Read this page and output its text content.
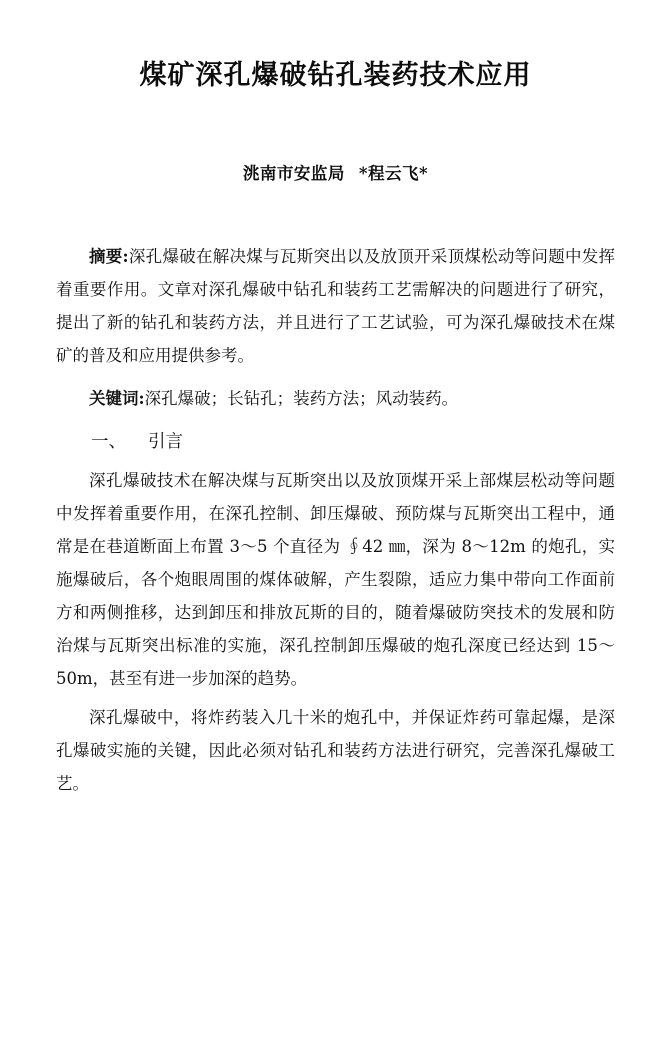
煤矿深孔爆破钻孔装药技术应用
洮南市安监局 *程云飞*

摘要:深孔爆破在解决煤与瓦斯突出以及放顶开采顶煤松动等问题中发挥着重要作用。文章对深孔爆破中钻孔和装药工艺需解决的问题进行了研究，提出了新的钻孔和装药方法，并且进行了工艺试验，可为深孔爆破技术在煤矿的普及和应用提供参考。

关键词:深孔爆破；长钻孔；装药方法；风动装药。

一、 引言

深孔爆破技术在解决煤与瓦斯突出以及放顶煤开采上部煤层松动等问题中发挥着重要作用，在深孔控制、卸压爆破、预防煤与瓦斯突出工程中，通常是在巷道断面上布置 3～5 个直径为 ∮42 ㎜，深为 8～12m 的炮孔，实施爆破后，各个炮眼周围的煤体破解，产生裂隙，适应力集中带向工作面前方和两侧推移，达到卸压和排放瓦斯的目的，随着爆破防突技术的发展和防治煤与瓦斯突出标准的实施，深孔控制卸压爆破的炮孔深度已经达到 15～50m，甚至有进一步加深的趋势。

深孔爆破中，将炸药装入几十米的炮孔中，并保证炸药可靠起爆，是深孔爆破实施的关键，因此必须对钻孔和装药方法进行研究，完善深孔爆破工艺。
